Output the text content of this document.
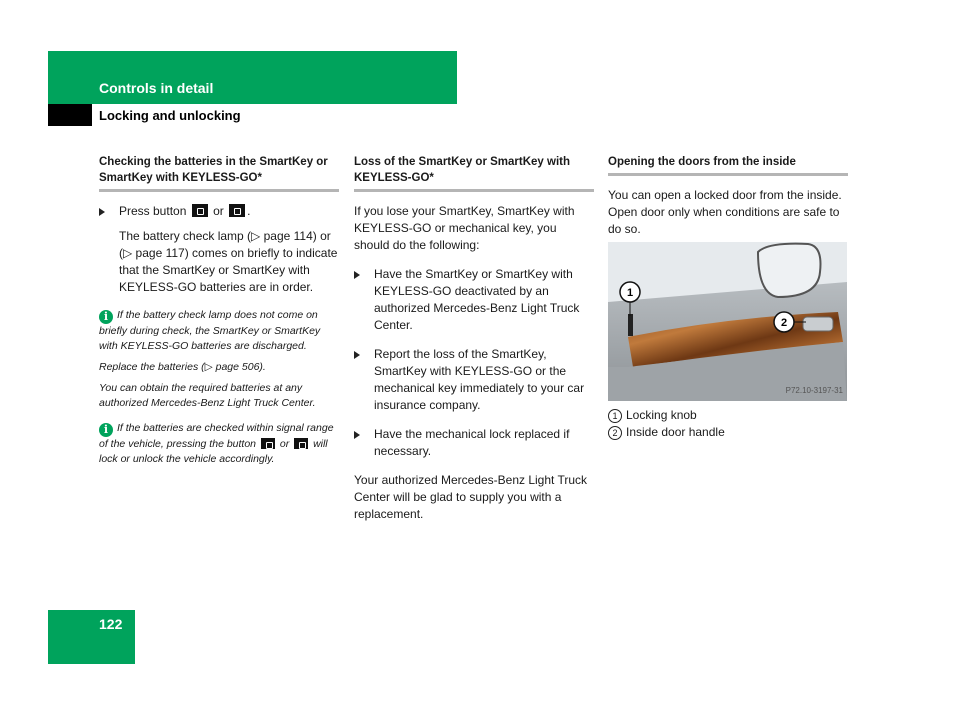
Controls in detail
Locking and unlocking
Checking the batteries in the SmartKey or SmartKey with KEYLESS-GO*
Press button or .

The battery check lamp (▷ page 114) or (▷ page 117) comes on briefly to indicate that the SmartKey or SmartKey with KEYLESS-GO batteries are in order.

i If the battery check lamp does not come on briefly during check, the SmartKey or SmartKey with KEYLESS-GO batteries are discharged.

Replace the batteries (▷ page 506).

You can obtain the required batteries at any authorized Mercedes-Benz Light Truck Center.

i If the batteries are checked within signal range of the vehicle, pressing the button or will lock or unlock the vehicle accordingly.

Loss of the SmartKey or SmartKey with KEYLESS-GO*

If you lose your SmartKey, SmartKey with KEYLESS-GO or mechanical key, you should do the following:

Have the SmartKey or SmartKey with KEYLESS-GO deactivated by an authorized Mercedes-Benz Light Truck Center.
Report the loss of the SmartKey, SmartKey with KEYLESS-GO or the mechanical key immediately to your car insurance company.
Have the mechanical lock replaced if necessary.

Your authorized Mercedes-Benz Light Truck Center will be glad to supply you with a replacement.

Opening the doors from the inside

You can open a locked door from the inside. Open door only when conditions are safe to do so.

1
2
P72.10-3197-31

1 Locking knob

2 Inside door handle

122
